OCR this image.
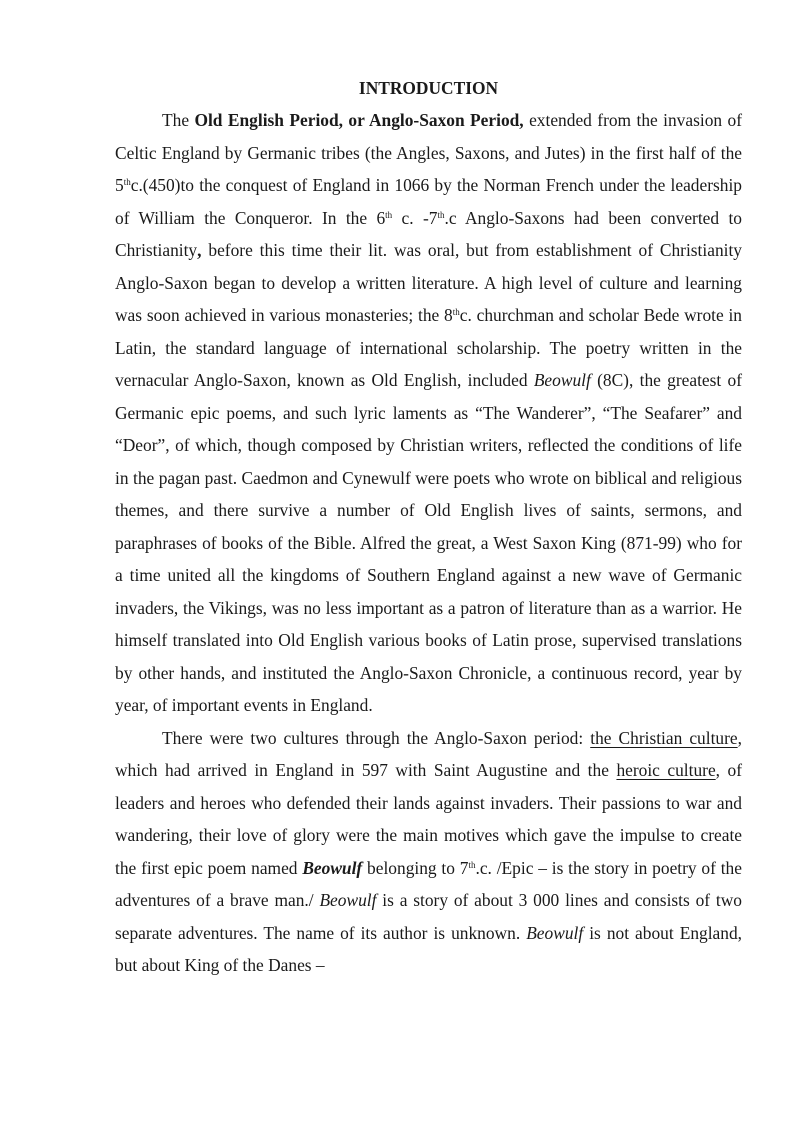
INTRODUCTION

The Old English Period, or Anglo-Saxon Period, extended from the invasion of Celtic England by Germanic tribes (the Angles, Saxons, and Jutes) in the first half of the 5thc.(450)to the conquest of England in 1066 by the Norman French under the leadership of William the Conqueror. In the 6th c. -7th.c Anglo-Saxons had been converted to Christianity, before this time their lit. was oral, but from establishment of Christianity Anglo-Saxon began to develop a written literature. A high level of culture and learning was soon achieved in various monasteries; the 8thc. churchman and scholar Bede wrote in Latin, the standard language of international scholarship. The poetry written in the vernacular Anglo-Saxon, known as Old English, included Beowulf (8C), the greatest of Germanic epic poems, and such lyric laments as “The Wanderer”, “The Seafarer” and “Deor”, of which, though composed by Christian writers, reflected the conditions of life in the pagan past. Caedmon and Cynewulf were poets who wrote on biblical and religious themes, and there survive a number of Old English lives of saints, sermons, and paraphrases of books of the Bible. Alfred the great, a West Saxon King (871-99) who for a time united all the kingdoms of Southern England against a new wave of Germanic invaders, the Vikings, was no less important as a patron of literature than as a warrior. He himself translated into Old English various books of Latin prose, supervised translations by other hands, and instituted the Anglo-Saxon Chronicle, a continuous record, year by year, of important events in England.

There were two cultures through the Anglo-Saxon period: the Christian culture, which had arrived in England in 597 with Saint Augustine and the heroic culture, of leaders and heroes who defended their lands against invaders. Their passions to war and wandering, their love of glory were the main motives which gave the impulse to create the first epic poem named Beowulf belonging to 7th.c. /Epic – is the story in poetry of the adventures of a brave man./ Beowulf is a story of about 3 000 lines and consists of two separate adventures. The name of its author is unknown. Beowulf is not about England, but about King of the Danes –
